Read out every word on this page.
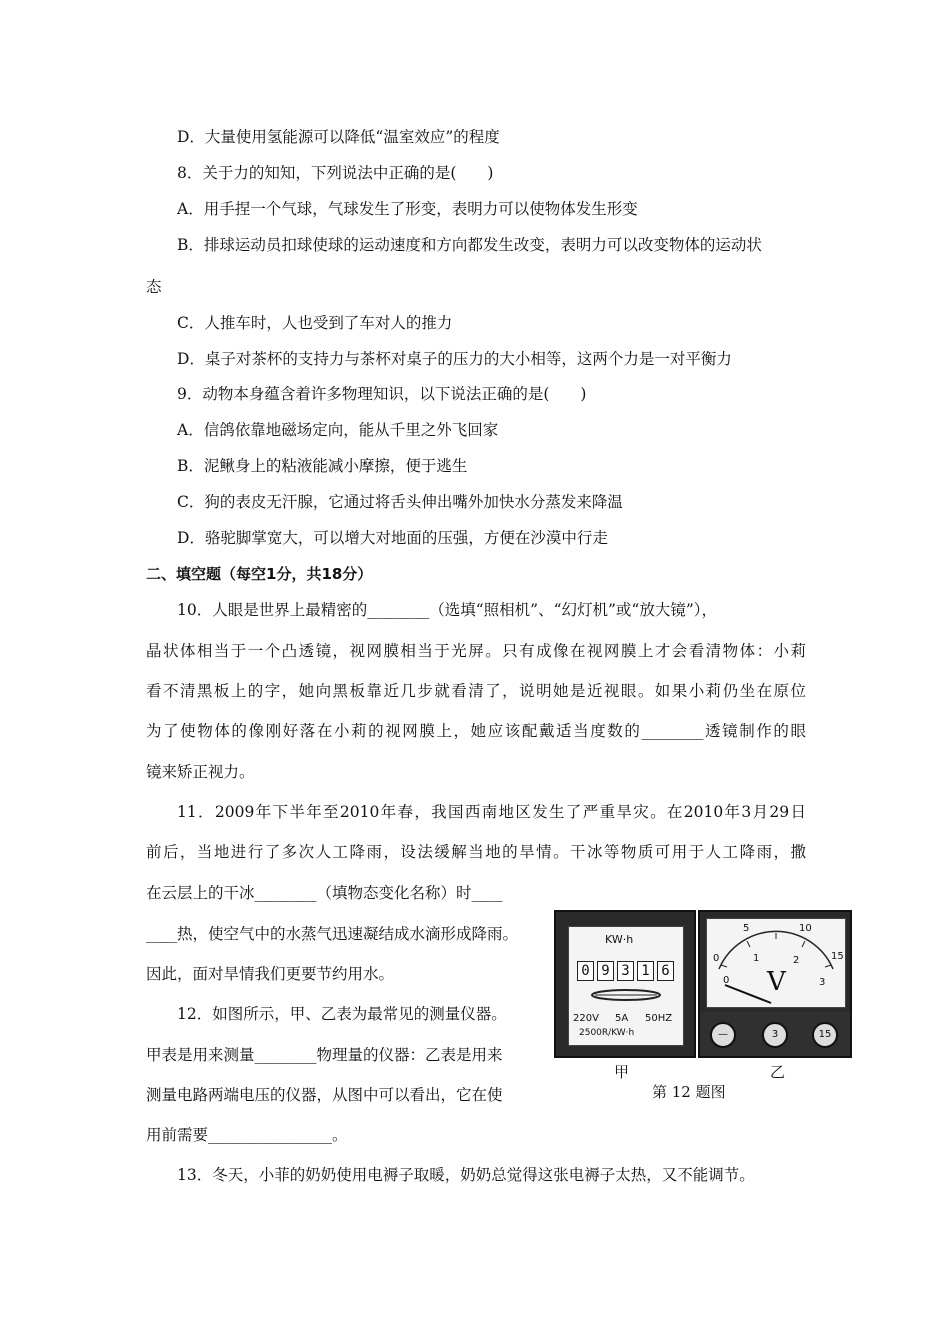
D．大量使用氢能源可以降低“温室效应”的程度
8．关于力的知知，下列说法中正确的是(　　)
A．用手捏一个气球，气球发生了形变，表明力可以使物体发生形变
B．排球运动员扣球使球的运动速度和方向都发生改变，表明力可以改变物体的运动状
态
C．人推车时，人也受到了车对人的推力
D．桌子对茶杯的支持力与茶杯对桌子的压力的大小相等，这两个力是一对平衡力
9．动物本身蕴含着许多物理知识，以下说法正确的是(　　)
A．信鸽依靠地磁场定向，能从千里之外飞回家
B．泥鳅身上的粘液能减小摩擦，便于逃生
C．狗的表皮无汗腺，它通过将舌头伸出嘴外加快水分蒸发来降温
D．骆驼脚掌宽大，可以增大对地面的压强，方便在沙漠中行走
二、填空题（每空1分，共18分）
10．人眼是世界上最精密的________（选填“照相机”、“幻灯机”或“放大镜”），
晶状体相当于一个凸透镜，视网膜相当于光屏。只有成像在视网膜上才会看清物体：小莉
看不清黑板上的字，她向黑板靠近几步就看清了，说明她是近视眼。如果小莉仍坐在原位
为了使物体的像刚好落在小莉的视网膜上，她应该配戴适当度数的________透镜制作的眼
镜来矫正视力。
11．2009年下半年至2010年春，我国西南地区发生了严重旱灾。在2010年3月29日
前后，当地进行了多次人工降雨，设法缓解当地的旱情。干冰等物质可用于人工降雨，撒
在云层上的干冰________（填物态变化名称）时____
____热，使空气中的水蒸气迅速凝结成水滴形成降雨。
因此，面对旱情我们更要节约用水。
12．如图所示，甲、乙表为最常见的测量仪器。
甲表是用来测量________物理量的仪器：乙表是用来
测量电路两端电压的仪器，从图中可以看出，它在使
用前需要________________。
13．冬天，小菲的奶奶使用电褥子取暖，奶奶总觉得这张电褥子太热，又不能调节。
KW·h
0 9 3 1 6
220V 5A 50HZ
2500R/KW·h
0
5	10
15
0
1	2
3
V
—	3	15
甲	乙
第 12 题图
